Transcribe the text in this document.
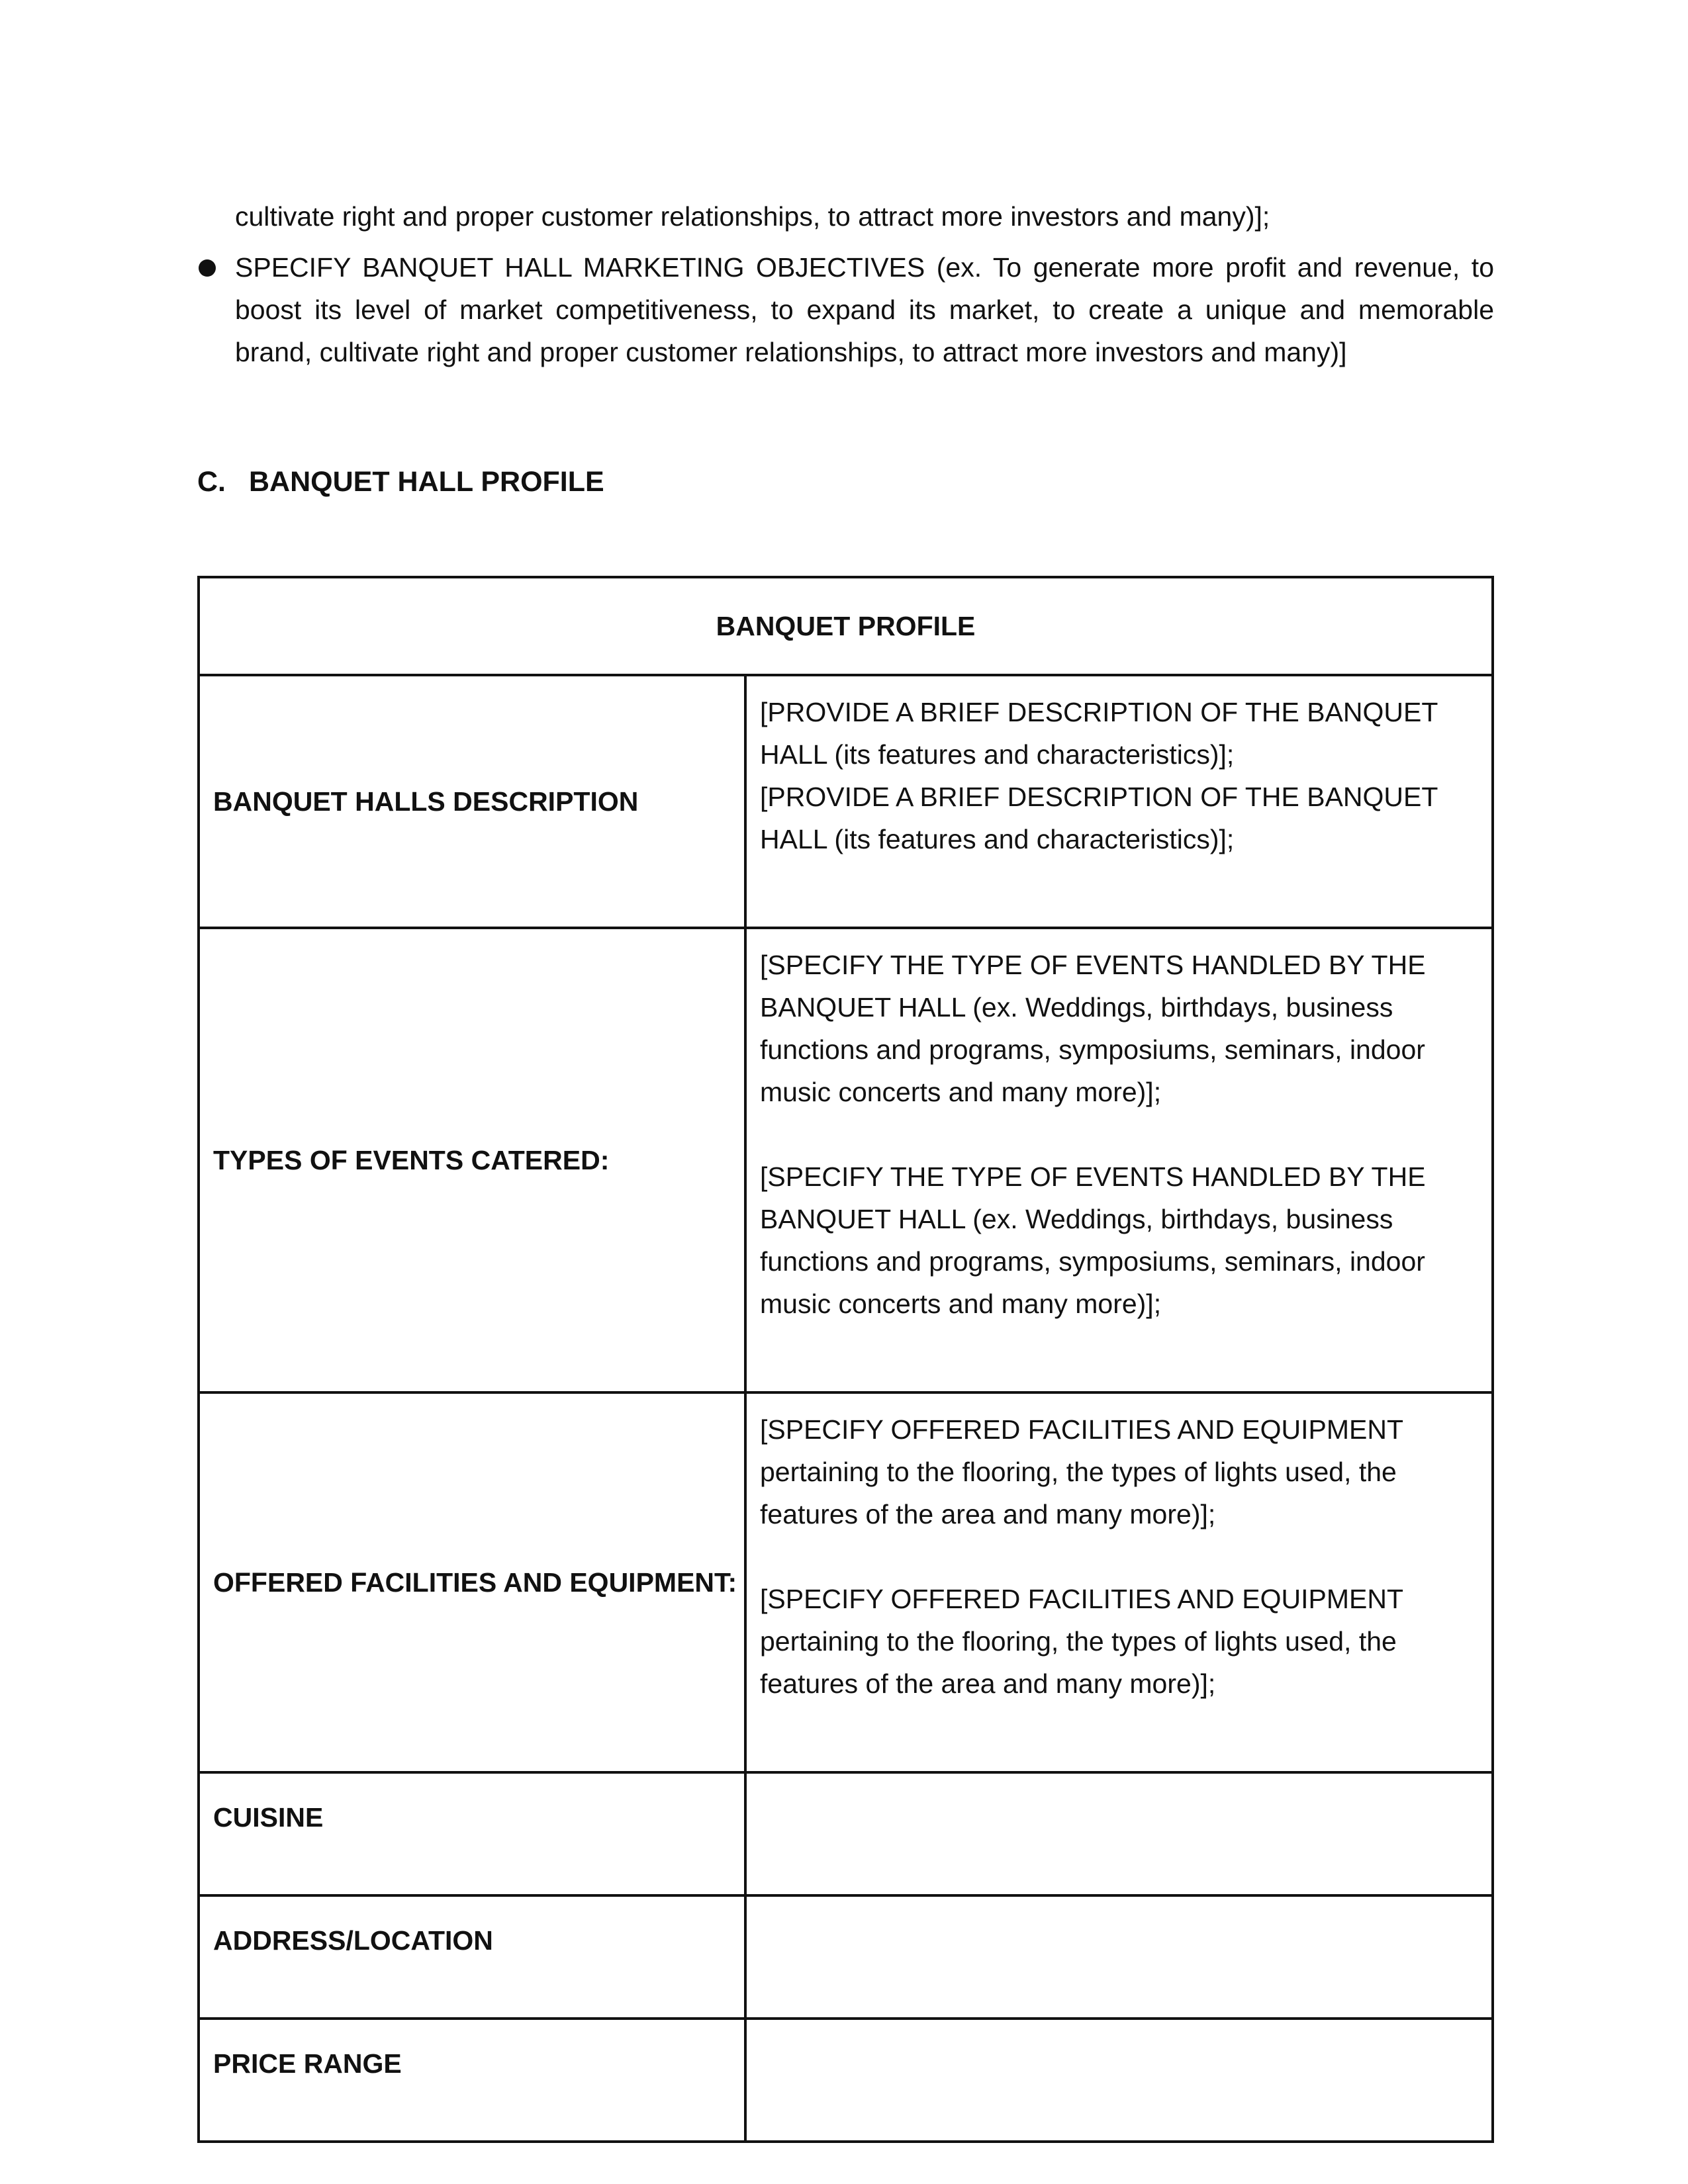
cultivate right and proper customer relationships, to attract more investors and many)];
SPECIFY BANQUET HALL MARKETING OBJECTIVES (ex. To generate more profit and revenue, to boost its level of market competitiveness, to expand its market, to create a unique and memorable brand, cultivate right and proper customer relationships, to attract more investors and many)]
C. BANQUET HALL PROFILE
BANQUET PROFILE	
BANQUET HALLS DESCRIPTION	[PROVIDE A BRIEF DESCRIPTION OF THE BANQUET HALL (its features and characteristics)];

[PROVIDE A BRIEF DESCRIPTION OF THE BANQUET HALL (its features and characteristics)];

TYPES OF EVENTS CATERED:	[SPECIFY THE TYPE OF EVENTS HANDLED BY THE BANQUET HALL (ex. Weddings, birthdays, business functions and programs, symposiums, seminars, indoor music concerts and many more)];

[SPECIFY THE TYPE OF EVENTS HANDLED BY THE BANQUET HALL (ex. Weddings, birthdays, business functions and programs, symposiums, seminars, indoor music concerts and many more)];

OFFERED FACILITIES AND EQUIPMENT:	[SPECIFY OFFERED FACILITIES AND EQUIPMENT pertaining to the flooring, the types of lights used, the features of the area and many more)];

[SPECIFY OFFERED FACILITIES AND EQUIPMENT pertaining to the flooring, the types of lights used, the features of the area and many more)];

CUISINE	
ADDRESS/LOCATION	
PRICE RANGE	
